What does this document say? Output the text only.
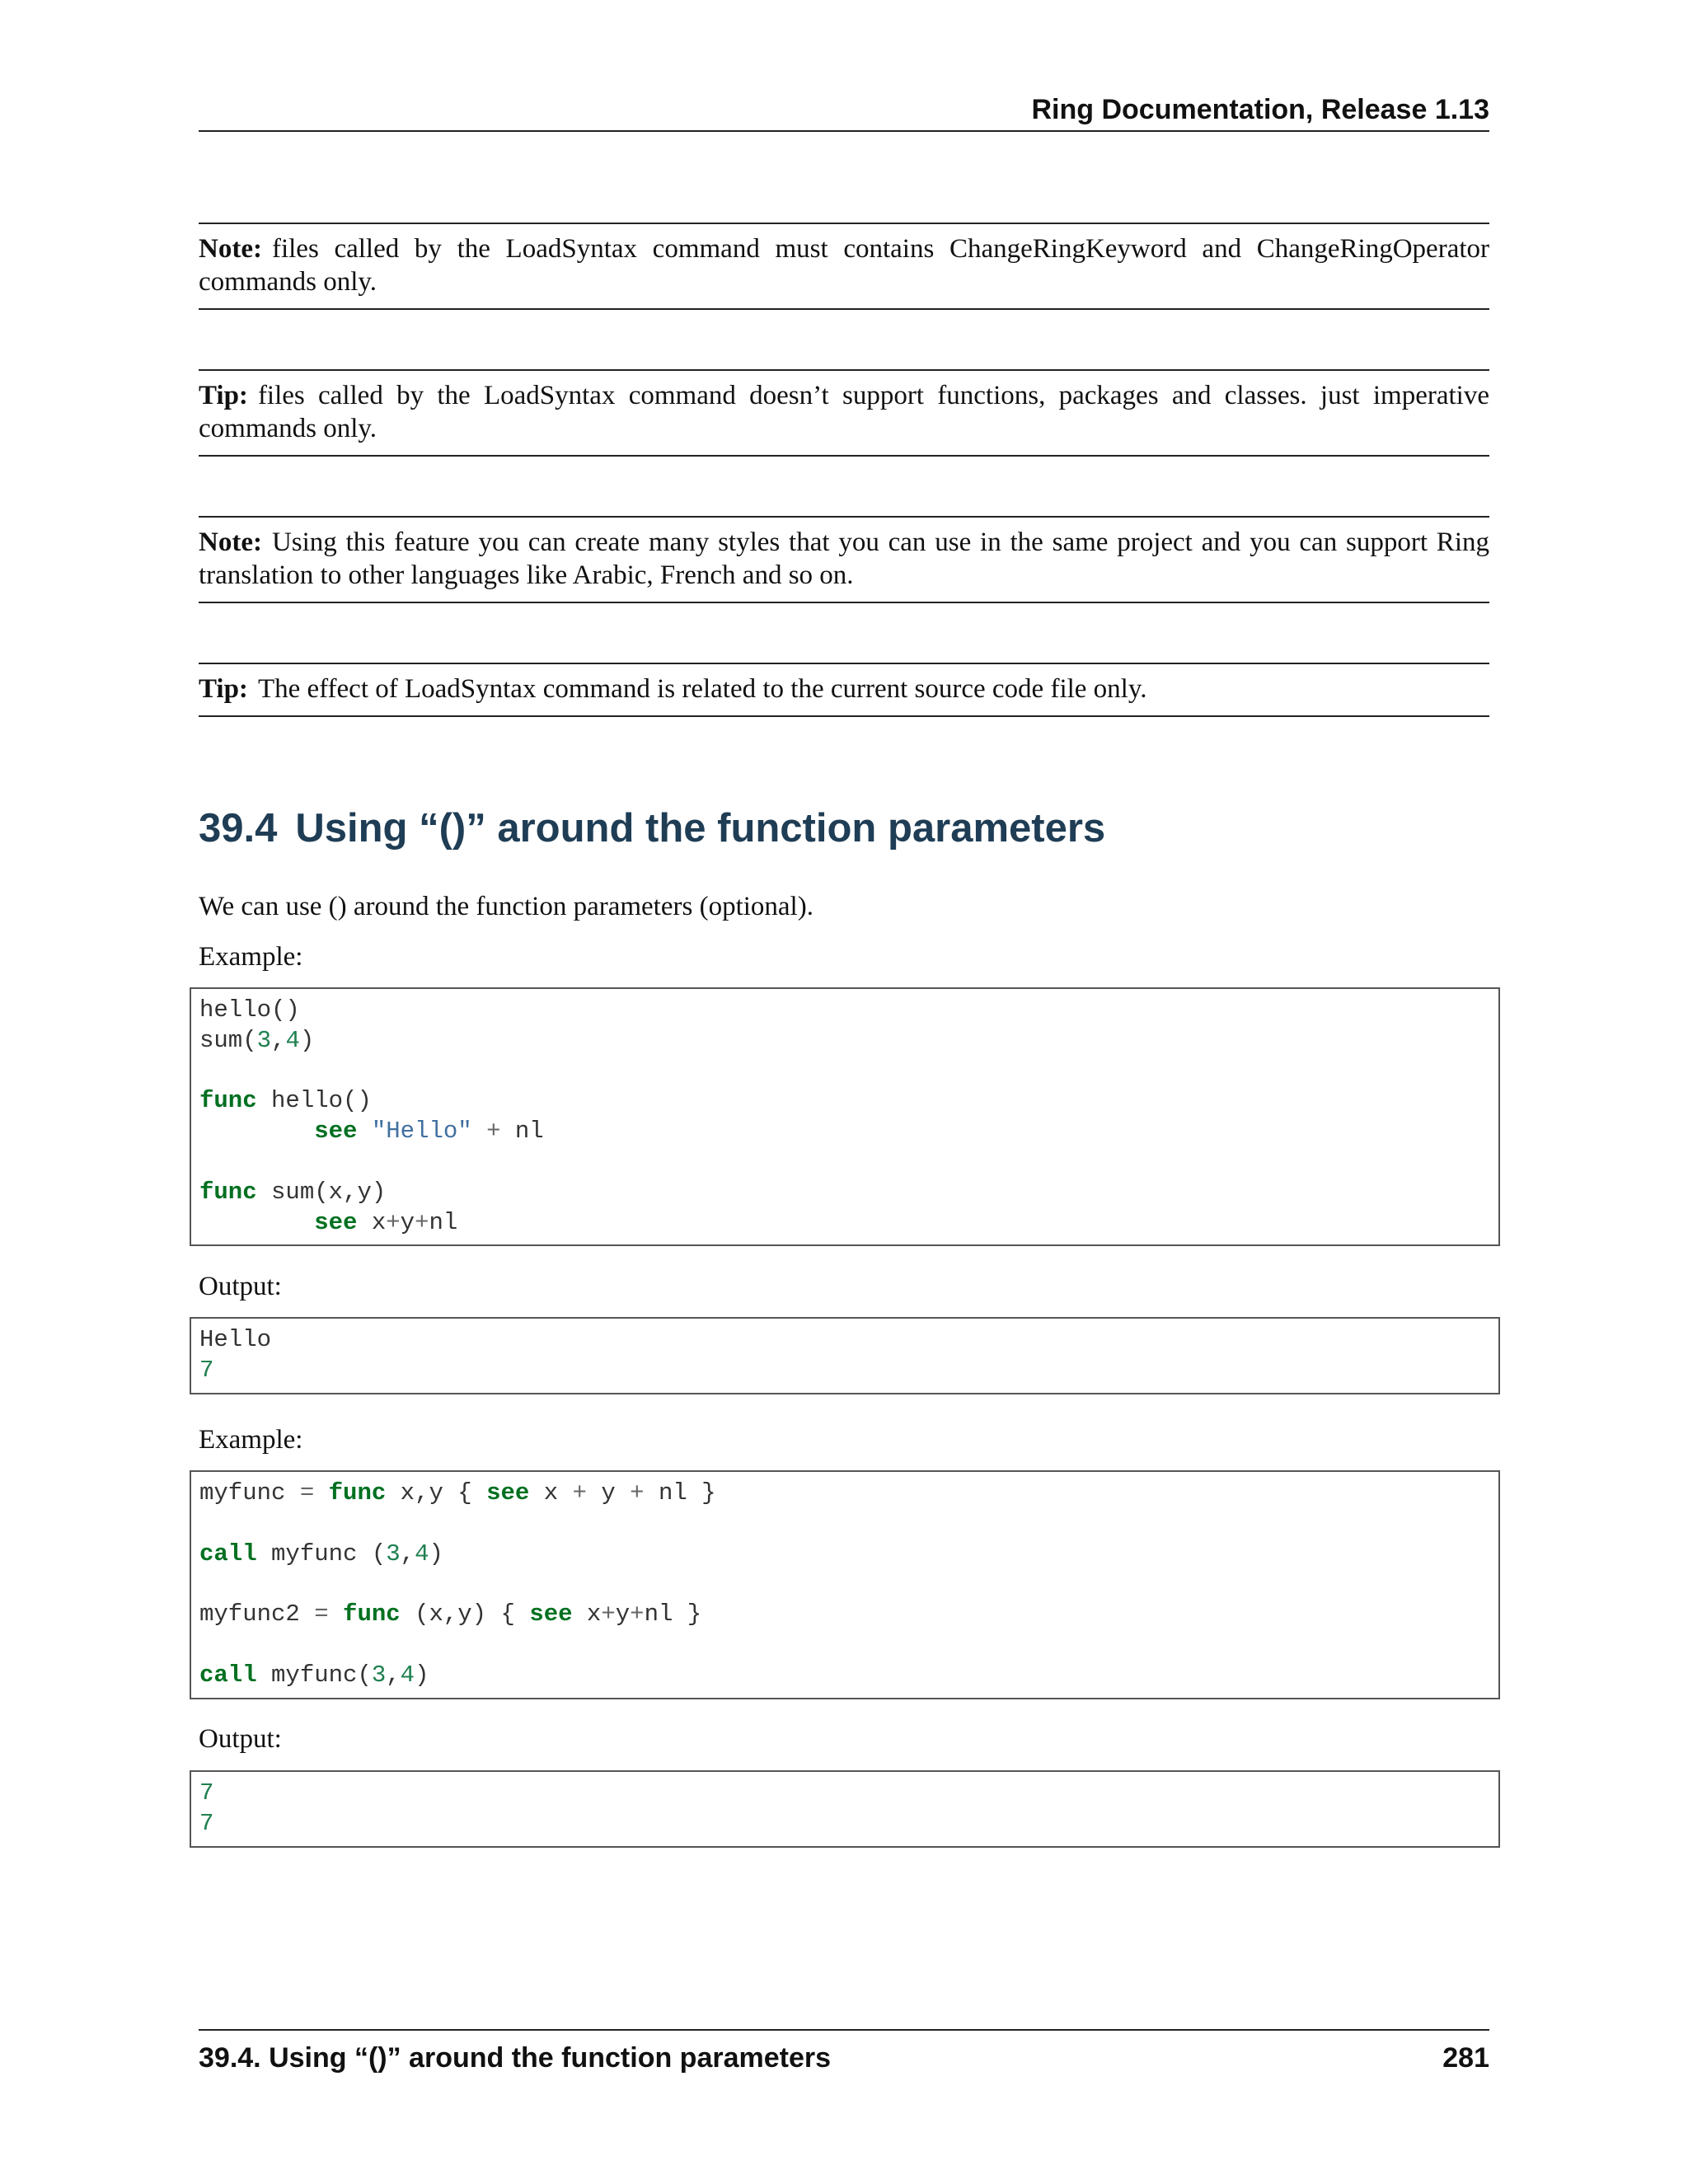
Ring Documentation, Release 1.13
Note: files called by the LoadSyntax command must contains ChangeRingKeyword and ChangeRingOperator commands only.
Tip: files called by the LoadSyntax command doesn’t support functions, packages and classes. just imperative commands only.
Note: Using this feature you can create many styles that you can use in the same project and you can support Ring translation to other languages like Arabic, French and so on.
Tip: The effect of LoadSyntax command is related to the current source code file only.
39.4 Using “()” around the function parameters

We can use () around the function parameters (optional).

Example:

hello()
sum(3,4)

func hello()
see "Hello" + nl

func sum(x,y)
see x+y+nl

Output:

Hello
7

Example:

myfunc = func x,y { see x + y + nl }

call myfunc (3,4)

myfunc2 = func (x,y) { see x+y+nl }

call myfunc(3,4)

Output:

7
7
39.4. Using “()” around the function parameters	281
